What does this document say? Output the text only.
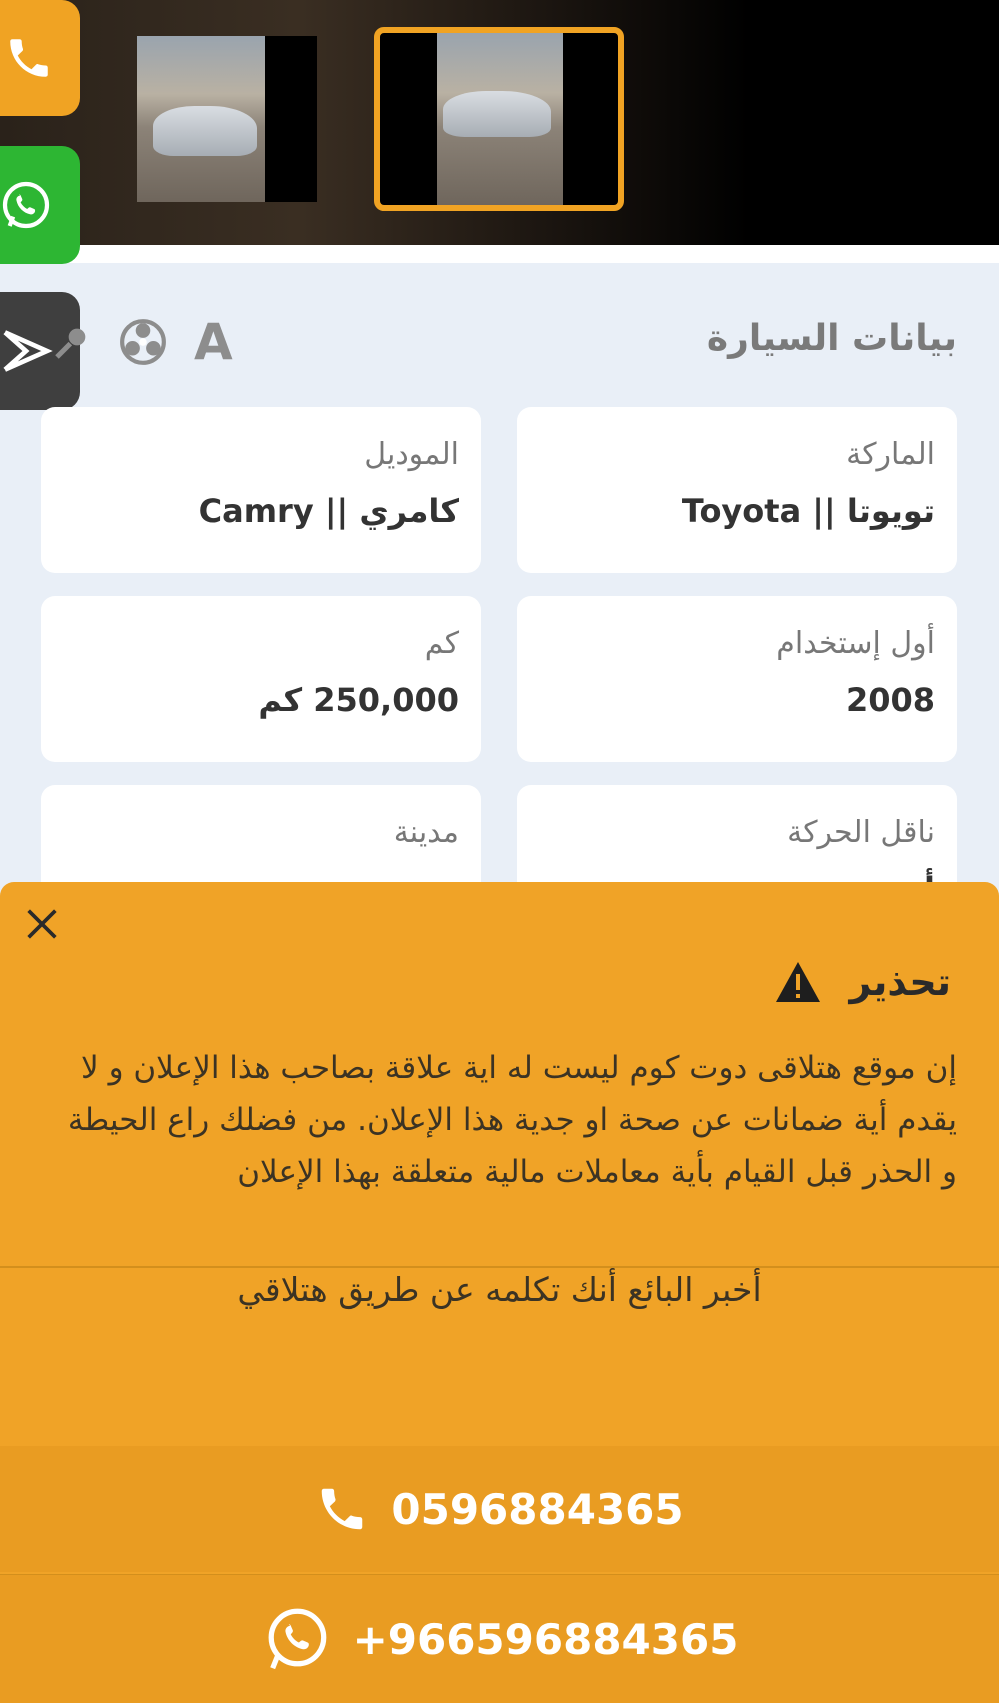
بيانات السيارة
A
الماركة
تويوتا || Toyota
الموديل
كامري || Camry
أول إستخدام
2008
كم
250,000 كم
ناقل الحركة
مدينة
تحذير
إن موقع هتلاقى دوت كوم ليست له اية علاقة بصاحب هذا الإعلان و لا يقدم أية ضمانات عن صحة او جدية هذا الإعلان. من فضلك راع الحيطة و الحذر قبل القيام بأية معاملات مالية متعلقة بهذا الإعلان
أخبر البائع أنك تكلمه عن طريق هتلاقي
0596884365
+966596884365
